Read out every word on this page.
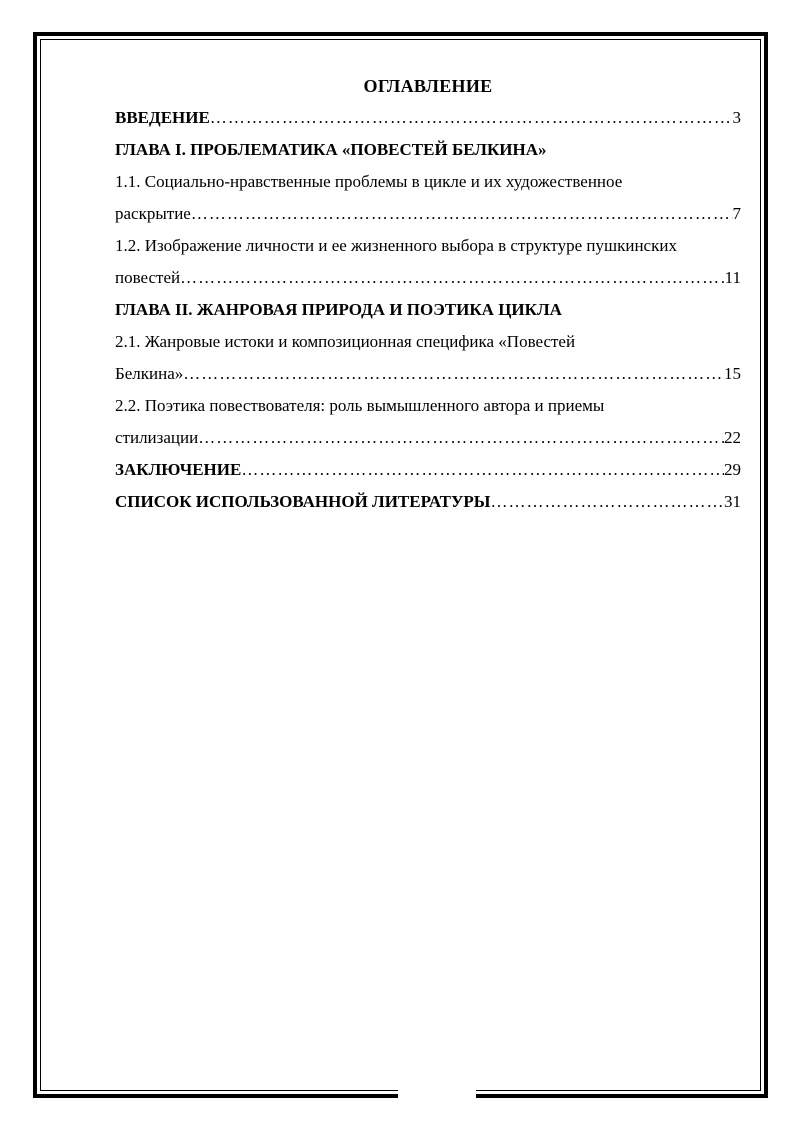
ОГЛАВЛЕНИЕ

ВВЕДЕНИЕ ………………………………………………………………………………………………………………………………………………………	3
ГЛАВА I. ПРОБЛЕМАТИКА «ПОВЕСТЕЙ БЕЛКИНА»
1.1. Социально-нравственные проблемы в цикле и их художественное
раскрытие ………………………………………………………………………………………………………………………………………………………	7
1.2. Изображение личности и ее жизненного выбора в структуре пушкинских
повестей ………………………………………………………………………………………………………………………………………………………	11
ГЛАВА II. ЖАНРОВАЯ ПРИРОДА И ПОЭТИКА ЦИКЛА
2.1. Жанровые истоки и композиционная специфика «Повестей
Белкина» ………………………………………………………………………………………………………………………………………………………	15
2.2. Поэтика повествователя: роль вымышленного автора и приемы
стилизации ………………………………………………………………………………………………………………………………………………………	22
ЗАКЛЮЧЕНИЕ ………………………………………………………………………………………………………………………………………………………	29
СПИСОК ИСПОЛЬЗОВАННОЙ ЛИТЕРАТУРЫ ………………………………………………………………………………………………………………………………………………………	31
